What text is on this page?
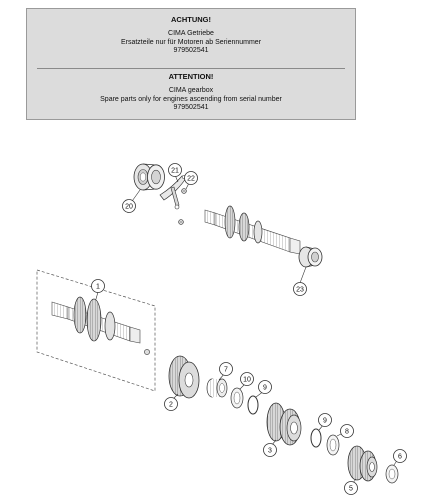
ACHTUNG!
CIMA Getriebe
Ersatzteile nur für Motoren ab Seriennummer
979502541
ATTENTION!
CIMA gearbox
Spare parts only for engines ascending from serial number
979502541
20
21
22
23
1
2
7
10
9
3
9
8
5
6
